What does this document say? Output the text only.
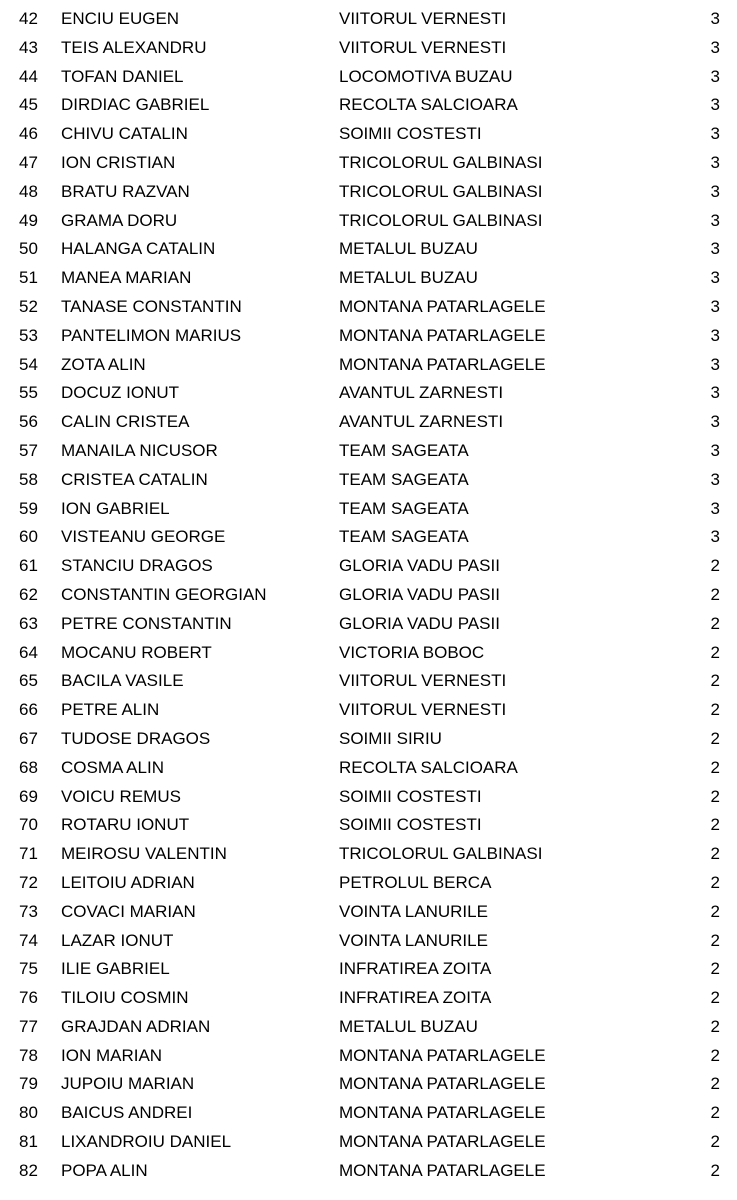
42	ENCIU EUGEN	VIITORUL VERNESTI	3
43	TEIS ALEXANDRU	VIITORUL VERNESTI	3
44	TOFAN DANIEL	LOCOMOTIVA BUZAU	3
45	DIRDIAC GABRIEL	RECOLTA SALCIOARA	3
46	CHIVU CATALIN	SOIMII COSTESTI	3
47	ION CRISTIAN	TRICOLORUL GALBINASI	3
48	BRATU RAZVAN	TRICOLORUL GALBINASI	3
49	GRAMA DORU	TRICOLORUL GALBINASI	3
50	HALANGA CATALIN	METALUL BUZAU	3
51	MANEA MARIAN	METALUL BUZAU	3
52	TANASE CONSTANTIN	MONTANA PATARLAGELE	3
53	PANTELIMON MARIUS	MONTANA PATARLAGELE	3
54	ZOTA ALIN	MONTANA PATARLAGELE	3
55	DOCUZ IONUT	AVANTUL ZARNESTI	3
56	CALIN CRISTEA	AVANTUL ZARNESTI	3
57	MANAILA NICUSOR	TEAM SAGEATA	3
58	CRISTEA CATALIN	TEAM SAGEATA	3
59	ION GABRIEL	TEAM SAGEATA	3
60	VISTEANU GEORGE	TEAM SAGEATA	3
61	STANCIU DRAGOS	GLORIA VADU PASII	2
62	CONSTANTIN GEORGIAN	GLORIA VADU PASII	2
63	PETRE CONSTANTIN	GLORIA VADU PASII	2
64	MOCANU ROBERT	VICTORIA BOBOC	2
65	BACILA VASILE	VIITORUL VERNESTI	2
66	PETRE ALIN	VIITORUL VERNESTI	2
67	TUDOSE DRAGOS	SOIMII SIRIU	2
68	COSMA ALIN	RECOLTA SALCIOARA	2
69	VOICU REMUS	SOIMII COSTESTI	2
70	ROTARU IONUT	SOIMII COSTESTI	2
71	MEIROSU VALENTIN	TRICOLORUL GALBINASI	2
72	LEITOIU ADRIAN	PETROLUL BERCA	2
73	COVACI MARIAN	VOINTA LANURILE	2
74	LAZAR IONUT	VOINTA LANURILE	2
75	ILIE GABRIEL	INFRATIREA ZOITA	2
76	TILOIU COSMIN	INFRATIREA ZOITA	2
77	GRAJDAN ADRIAN	METALUL BUZAU	2
78	ION MARIAN	MONTANA PATARLAGELE	2
79	JUPOIU MARIAN	MONTANA PATARLAGELE	2
80	BAICUS ANDREI	MONTANA PATARLAGELE	2
81	LIXANDROIU DANIEL	MONTANA PATARLAGELE	2
82	POPA ALIN	MONTANA PATARLAGELE	2
